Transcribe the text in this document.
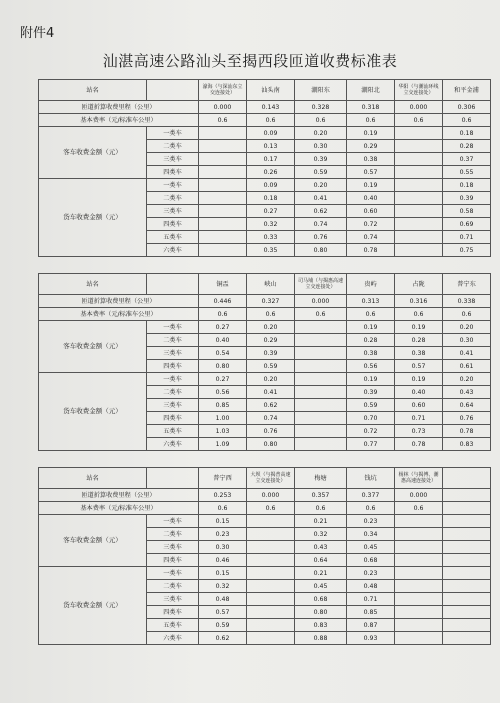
附件4
汕湛高速公路汕头至揭西段匝道收费标准表
站名		濠海（与深汕东立交连接处）	汕头南	潮阳东	潮阳北	华阳（与潮汕环线立交连接处）	和平金浦
匝道折算收费里程（公里）		0.000	0.143	0.328	0.318	0.000	0.306
基本费率（元/标准车公里）		0.6	0.6	0.6	0.6	0.6	0.6
客车收费金额（元）	一类车		0.09	0.20	0.19		0.18
	二类车		0.13	0.30	0.29		0.28
	三类车		0.17	0.39	0.38		0.37
	四类车		0.26	0.59	0.57		0.55
货车收费金额（元）	一类车		0.09	0.20	0.19		0.18
	二类车		0.18	0.41	0.40		0.39
	三类车		0.27	0.62	0.60		0.58
	四类车		0.32	0.74	0.72		0.69
	五类车		0.33	0.76	0.74		0.71
	六类车		0.35	0.80	0.78		0.75
站名		铜盂	峡山	司马埔（与揭惠高速立交连接处）	贵屿	占陇	普宁东
匝道折算收费里程（公里）		0.446	0.327	0.000	0.313	0.316	0.338
基本费率（元/标准车公里）		0.6	0.6	0.6	0.6	0.6	0.6
客车收费金额（元）	一类车	0.27	0.20		0.19	0.19	0.20
	二类车	0.40	0.29		0.28	0.28	0.30
	三类车	0.54	0.39		0.38	0.38	0.41
	四类车	0.80	0.59		0.56	0.57	0.61
货车收费金额（元）	一类车	0.27	0.20		0.19	0.19	0.20
	二类车	0.56	0.41		0.39	0.40	0.43
	三类车	0.85	0.62		0.59	0.60	0.64
	四类车	1.00	0.74		0.70	0.71	0.76
	五类车	1.03	0.76		0.72	0.73	0.78
	六类车	1.09	0.80		0.77	0.78	0.83
站名		普宁西	大坝（与揭普高速立交连接处）	梅塘	钱坑	杨林（与揭博、潮惠高速连接处）	
匝道折算收费里程（公里）		0.253	0.000	0.357	0.377	0.000	
基本费率（元/标准车公里）		0.6	0.6	0.6	0.6	0.6	
客车收费金额（元）	一类车	0.15		0.21	0.23		
	二类车	0.23		0.32	0.34		
	三类车	0.30		0.43	0.45		
	四类车	0.46		0.64	0.68		
货车收费金额（元）	一类车	0.15		0.21	0.23		
	二类车	0.32		0.45	0.48		
	三类车	0.48		0.68	0.71		
	四类车	0.57		0.80	0.85		
	五类车	0.59		0.83	0.87		
	六类车	0.62		0.88	0.93		
